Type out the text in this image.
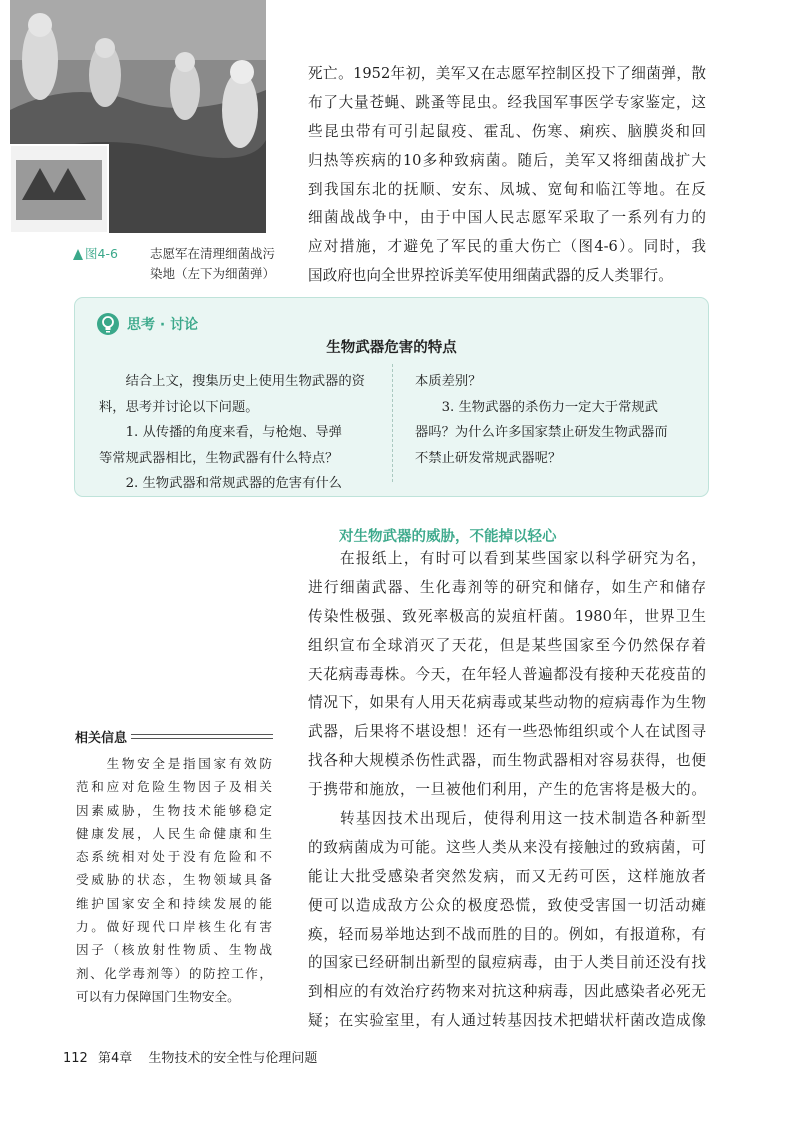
图4-6	志愿军在清理细菌战污
染地（左下为细菌弹）
死亡。1952年初，美军又在志愿军控制区投下了细菌弹，散
布了大量苍蝇、跳蚤等昆虫。经我国军事医学专家鉴定，这
些昆虫带有可引起鼠疫、霍乱、伤寒、痢疾、脑膜炎和回
归热等疾病的10多种致病菌。随后，美军又将细菌战扩大
到我国东北的抚顺、安东、凤城、宽甸和临江等地。在反
细菌战战争中，由于中国人民志愿军采取了一系列有力的
应对措施，才避免了军民的重大伤亡（图4-6）。同时，我
国政府也向全世界控诉美军使用细菌武器的反人类罪行。
思考 · 讨论
生物武器危害的特点
　　结合上文，搜集历史上使用生物武器的资
料，思考并讨论以下问题。
　　1. 从传播的角度来看，与枪炮、导弹
等常规武器相比，生物武器有什么特点？
　　2. 生物武器和常规武器的危害有什么
本质差别？
　　3. 生物武器的杀伤力一定大于常规武
器吗？为什么许多国家禁止研发生物武器而
不禁止研发常规武器呢？
对生物武器的威胁，不能掉以轻心
　　在报纸上，有时可以看到某些国家以科学研究为名，
进行细菌武器、生化毒剂等的研究和储存，如生产和储存
传染性极强、致死率极高的炭疽杆菌。1980年，世界卫生
组织宣布全球消灭了天花，但是某些国家至今仍然保存着
天花病毒毒株。今天，在年轻人普遍都没有接种天花疫苗的
情况下，如果有人用天花病毒或某些动物的痘病毒作为生物
武器，后果将不堪设想！还有一些恐怖组织或个人在试图寻
找各种大规模杀伤性武器，而生物武器相对容易获得，也便
于携带和施放，一旦被他们利用，产生的危害将是极大的。
　　转基因技术出现后，使得利用这一技术制造各种新型
的致病菌成为可能。这些人类从来没有接触过的致病菌，可
能让大批受感染者突然发病，而又无药可医，这样施放者
便可以造成敌方公众的极度恐慌，致使受害国一切活动瘫
痪，轻而易举地达到不战而胜的目的。例如，有报道称，有
的国家已经研制出新型的鼠痘病毒，由于人类目前还没有找
到相应的有效治疗药物来对抗这种病毒，因此感染者必死无
疑；在实验室里，有人通过转基因技术把蜡状杆菌改造成像
相关信息
　　生物安全是指国家有效防
范和应对危险生物因子及相关
因素威胁，生物技术能够稳定
健康发展，人民生命健康和生
态系统相对处于没有危险和不
受威胁的状态，生物领域具备
维护国家安全和持续发展的能
力。做好现代口岸核生化有害
因子（核放射性物质、生物战
剂、化学毒剂等）的防控工作，
可以有力保障国门生物安全。
112 第4章 生物技术的安全性与伦理问题
